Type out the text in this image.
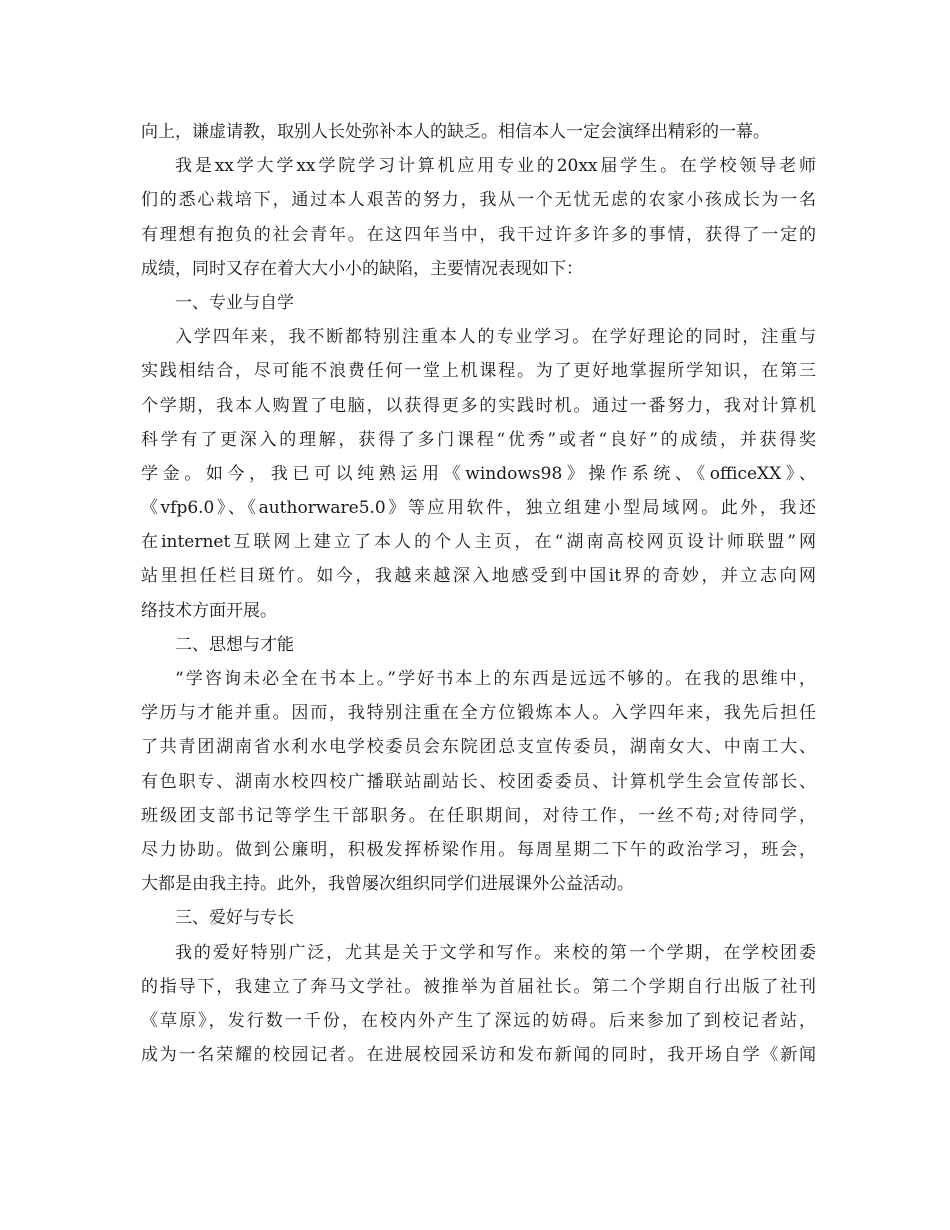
向上，谦虚请教，取别人长处弥补本人的缺乏。相信本人一定会演绎出精彩的一幕。
我是xx学大学xx学院学习计算机应用专业的20xx届学生。在学校领导老师
们的悉心栽培下，通过本人艰苦的努力，我从一个无忧无虑的农家小孩成长为一名
有理想有抱负的社会青年。在这四年当中，我干过许多许多的事情，获得了一定的
成绩，同时又存在着大大小小的缺陷，主要情况表现如下：
一、专业与自学
入学四年来，我不断都特别注重本人的专业学习。在学好理论的同时，注重与
实践相结合，尽可能不浪费任何一堂上机课程。为了更好地掌握所学知识，在第三
个学期，我本人购置了电脑，以获得更多的实践时机。通过一番努力，我对计算机
科学有了更深入的理解，获得了多门课程“优秀”或者“良好”的成绩，并获得奖
学金。如今，我已可以纯熟运用《windows98》操作系统、《officeXX》、
《vfp6.0》、《authorware5.0》等应用软件，独立组建小型局域网。此外，我还
在internet互联网上建立了本人的个人主页，在“湖南高校网页设计师联盟”网
站里担任栏目斑竹。如今，我越来越深入地感受到中国it界的奇妙，并立志向网
络技术方面开展。
二、思想与才能
“学咨询未必全在书本上。”学好书本上的东西是远远不够的。在我的思维中，
学历与才能并重。因而，我特别注重在全方位锻炼本人。入学四年来，我先后担任
了共青团湖南省水利水电学校委员会东院团总支宣传委员，湖南女大、中南工大、
有色职专、湖南水校四校广播联站副站长、校团委委员、计算机学生会宣传部长、
班级团支部书记等学生干部职务。在任职期间，对待工作，一丝不苟;对待同学，
尽力协助。做到公廉明，积极发挥桥梁作用。每周星期二下午的政治学习，班会，
大都是由我主持。此外，我曾屡次组织同学们进展课外公益活动。
三、爱好与专长
我的爱好特别广泛，尤其是关于文学和写作。来校的第一个学期，在学校团委
的指导下，我建立了奔马文学社。被推举为首届社长。第二个学期自行出版了社刊
《草原》，发行数一千份，在校内外产生了深远的妨碍。后来参加了到校记者站，
成为一名荣耀的校园记者。在进展校园采访和发布新闻的同时，我开场自学《新闻
